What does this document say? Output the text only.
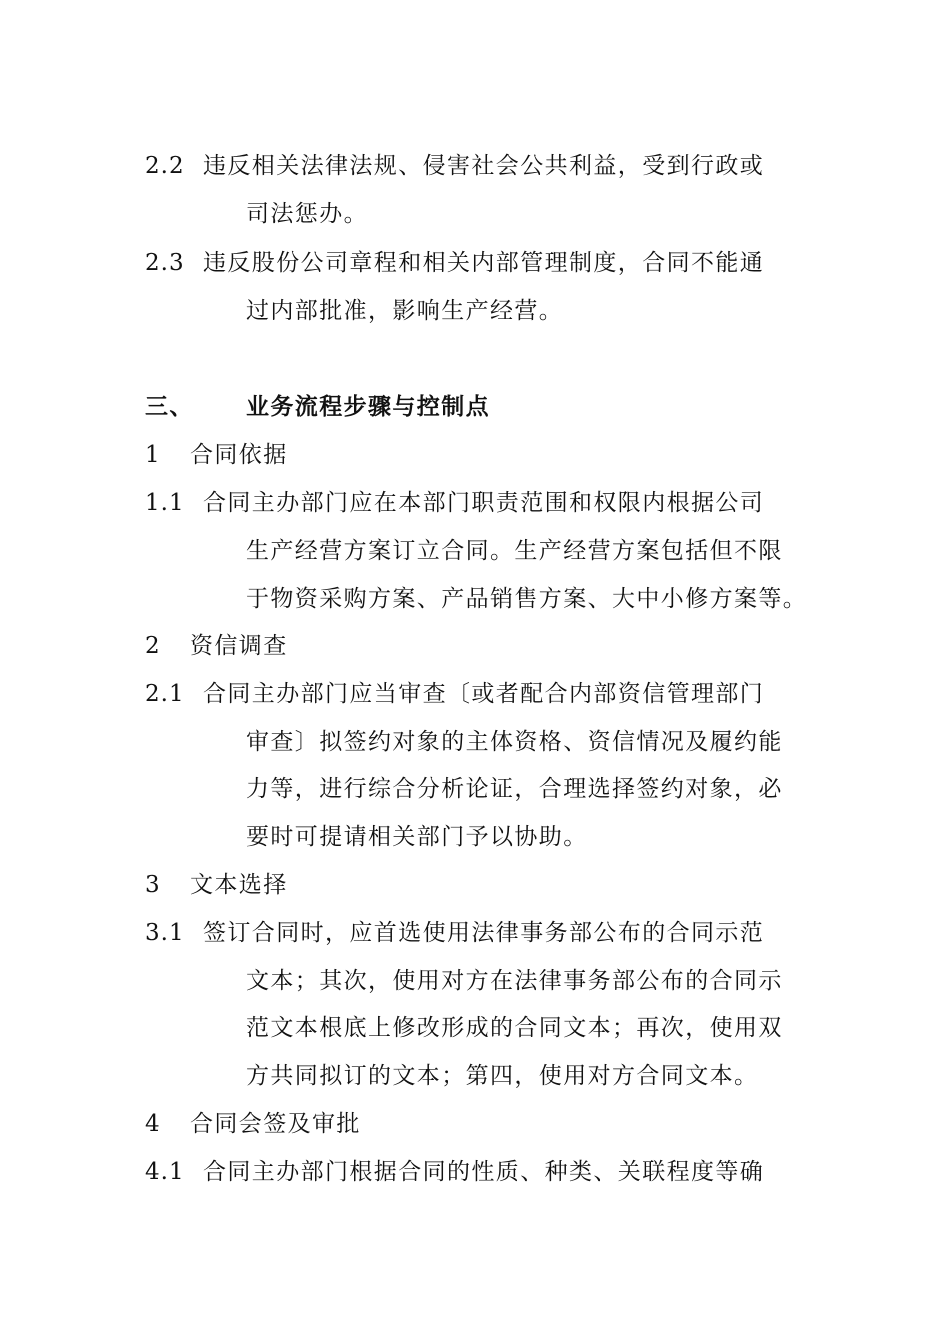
2.2 违反相关法律法规、侵害社会公共利益，受到行政或
司法惩办。
2.3 违反股份公司章程和相关内部管理制度，合同不能通
过内部批准，影响生产经营。
三、 业务流程步骤与控制点
1 合同依据
1.1 合同主办部门应在本部门职责范围和权限内根据公司
生产经营方案订立合同。生产经营方案包括但不限
于物资采购方案、产品销售方案、大中小修方案等。
2 资信调查
2.1 合同主办部门应当审查〔或者配合内部资信管理部门
审查〕拟签约对象的主体资格、资信情况及履约能
力等，进行综合分析论证，合理选择签约对象，必
要时可提请相关部门予以协助。
3 文本选择
3.1 签订合同时，应首选使用法律事务部公布的合同示范
文本；其次，使用对方在法律事务部公布的合同示
范文本根底上修改形成的合同文本；再次，使用双
方共同拟订的文本；第四，使用对方合同文本。
4 合同会签及审批
4.1 合同主办部门根据合同的性质、种类、关联程度等确
